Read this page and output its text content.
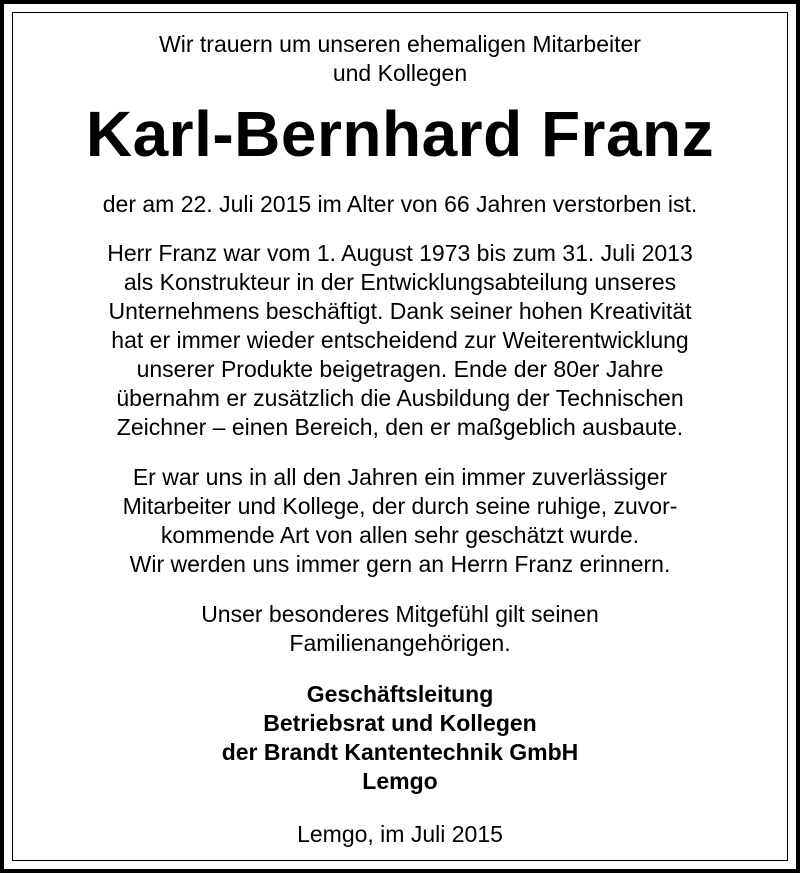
Wir trauern um unseren ehemaligen Mitarbeiter
und Kollegen
Karl-Bernhard Franz
der am 22. Juli 2015 im Alter von 66 Jahren verstorben ist.
Herr Franz war vom 1. August 1973 bis zum 31. Juli 2013
als Konstrukteur in der Entwicklungsabteilung unseres
Unternehmens beschäftigt. Dank seiner hohen Kreativität
hat er immer wieder entscheidend zur Weiterentwicklung
unserer Produkte beigetragen. Ende der 80er Jahre
übernahm er zusätzlich die Ausbildung der Technischen
Zeichner – einen Bereich, den er maßgeblich ausbaute.
Er war uns in all den Jahren ein immer zuverlässiger
Mitarbeiter und Kollege, der durch seine ruhige, zuvor-
kommende Art von allen sehr geschätzt wurde.
Wir werden uns immer gern an Herrn Franz erinnern.
Unser besonderes Mitgefühl gilt seinen
Familienangehörigen.
Geschäftsleitung
Betriebsrat und Kollegen
der Brandt Kantentechnik GmbH
Lemgo
Lemgo, im Juli 2015
